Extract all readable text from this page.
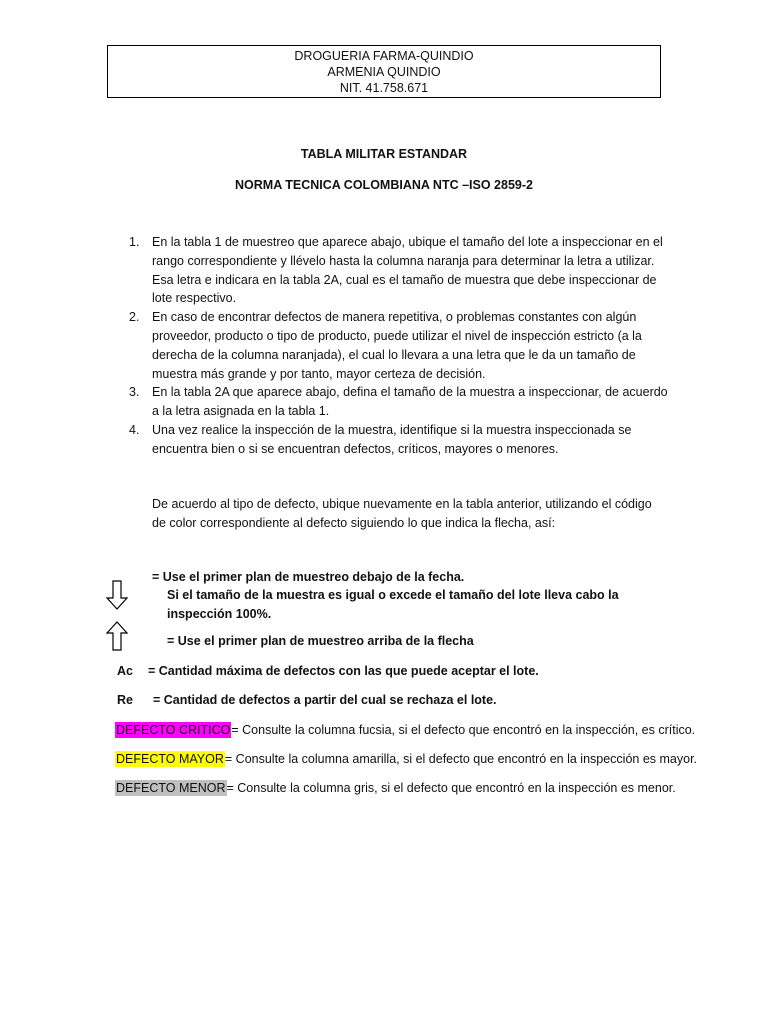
DROGUERIA FARMA-QUINDIO
ARMENIA QUINDIO
NIT. 41.758.671
TABLA MILITAR ESTANDAR
NORMA TECNICA COLOMBIANA NTC –ISO 2859-2
1. En la tabla 1 de muestreo que aparece abajo, ubique el tamaño del lote a inspeccionar en el rango correspondiente y llévelo hasta la columna naranja para determinar la letra a utilizar.
Esa letra e indicara en la tabla 2A, cual es el tamaño de muestra que debe inspeccionar de lote respectivo.
2. En caso de encontrar defectos de manera repetitiva, o problemas constantes con algún proveedor, producto o tipo de producto, puede utilizar el nivel de inspección estricto (a la derecha de la columna naranjada), el cual lo llevara a una letra que le da un tamaño de muestra más grande y por tanto, mayor certeza de decisión.
3. En la tabla 2A que aparece abajo, defina el tamaño de la muestra a inspeccionar, de acuerdo a la letra asignada en la tabla 1.
4. Una vez realice la inspección de la muestra, identifique si la muestra inspeccionada se encuentra bien o si se encuentran defectos, críticos, mayores o menores.
De acuerdo al tipo de defecto, ubique nuevamente en la tabla anterior, utilizando el código de color correspondiente al defecto siguiendo lo que indica la flecha, así:
= Use el primer plan de muestreo debajo de la fecha.
Si el tamaño de la muestra es igual o excede el tamaño del lote lleva cabo la inspección 100%.
= Use el primer plan de muestreo arriba de la flecha
Ac = Cantidad máxima de defectos con las que puede aceptar el lote.
Re = Cantidad de defectos a partir del cual se rechaza el lote.
DEFECTO CRITICO= Consulte la columna fucsia, si el defecto que encontró en la inspección, es crítico.
DEFECTO MAYOR= Consulte la columna amarilla, si el defecto que encontró en la inspección es mayor.
DEFECTO MENOR= Consulte la columna gris, si el defecto que encontró en la inspección es menor.
